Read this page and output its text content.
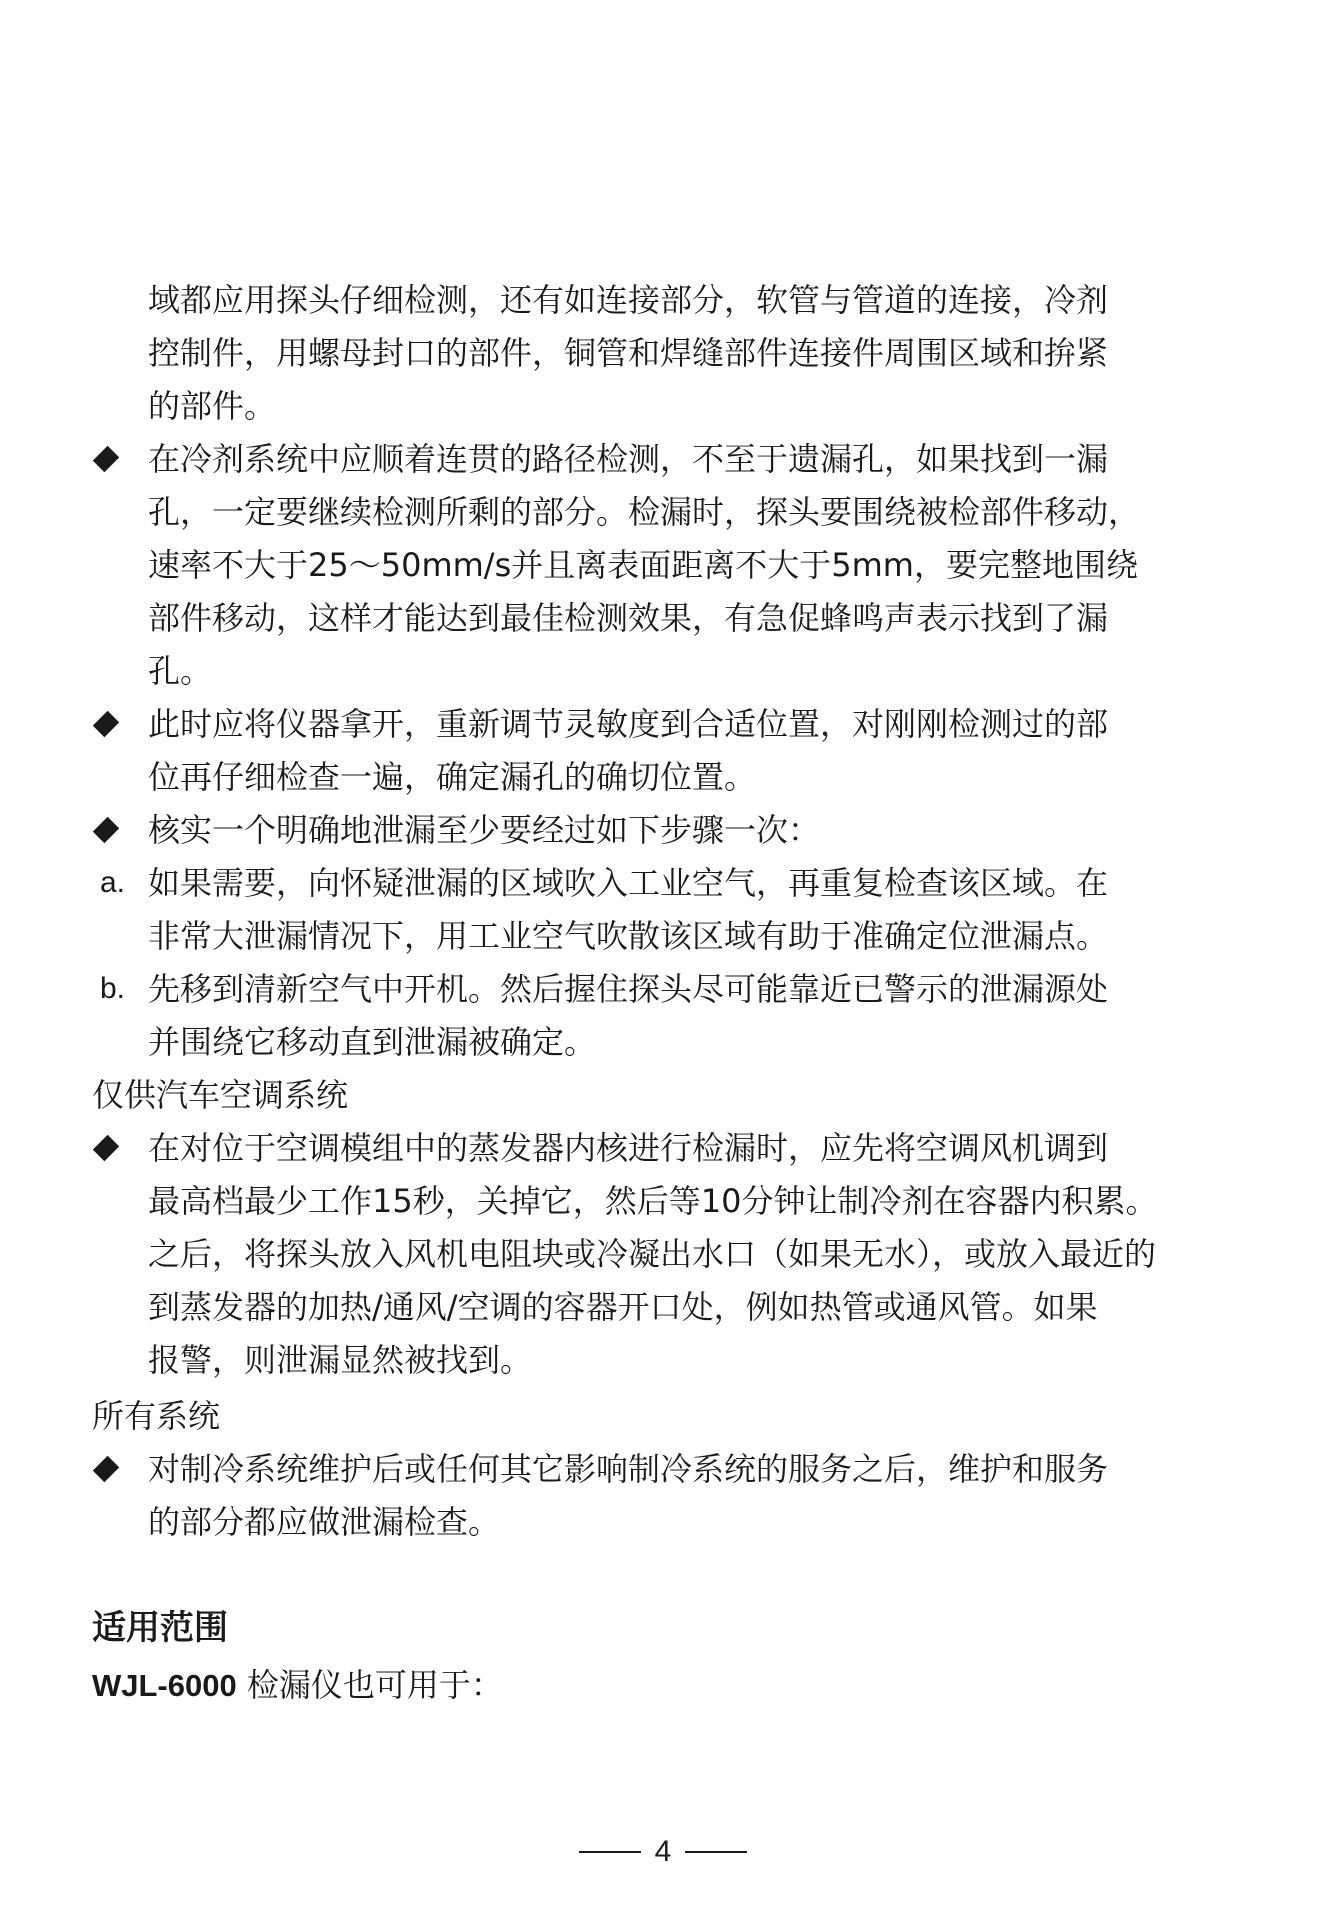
域都应用探头仔细检测，还有如连接部分，软管与管道的连接，冷剂
控制件，用螺母封口的部件，铜管和焊缝部件连接件周围区域和拚紧
的部件。
在冷剂系统中应顺着连贯的路径检测，不至于遗漏孔，如果找到一漏
孔，一定要继续检测所剩的部分。检漏时，探头要围绕被检部件移动，
速率不大于25～50mm/s并且离表面距离不大于5mm，要完整地围绕
部件移动，这样才能达到最佳检测效果，有急促蜂鸣声表示找到了漏
孔。
此时应将仪器拿开，重新调节灵敏度到合适位置，对刚刚检测过的部
位再仔细检查一遍，确定漏孔的确切位置。
核实一个明确地泄漏至少要经过如下步骤一次：
a. 如果需要，向怀疑泄漏的区域吹入工业空气，再重复检查该区域。在
非常大泄漏情况下，用工业空气吹散该区域有助于准确定位泄漏点。
b. 先移到清新空气中开机。然后握住探头尽可能靠近已警示的泄漏源处
并围绕它移动直到泄漏被确定。
仅供汽车空调系统
在对位于空调模组中的蒸发器内核进行检漏时，应先将空调风机调到
最高档最少工作15秒，关掉它，然后等10分钟让制冷剂在容器内积累。
之后，将探头放入风机电阻块或冷凝出水口（如果无水），或放入最近的
到蒸发器的加热/通风/空调的容器开口处，例如热管或通风管。如果
报警，则泄漏显然被找到。
所有系统
对制冷系统维护后或任何其它影响制冷系统的服务之后，维护和服务
的部分都应做泄漏检查。
适用范围
WJL-6000 检漏仪也可用于：
4
